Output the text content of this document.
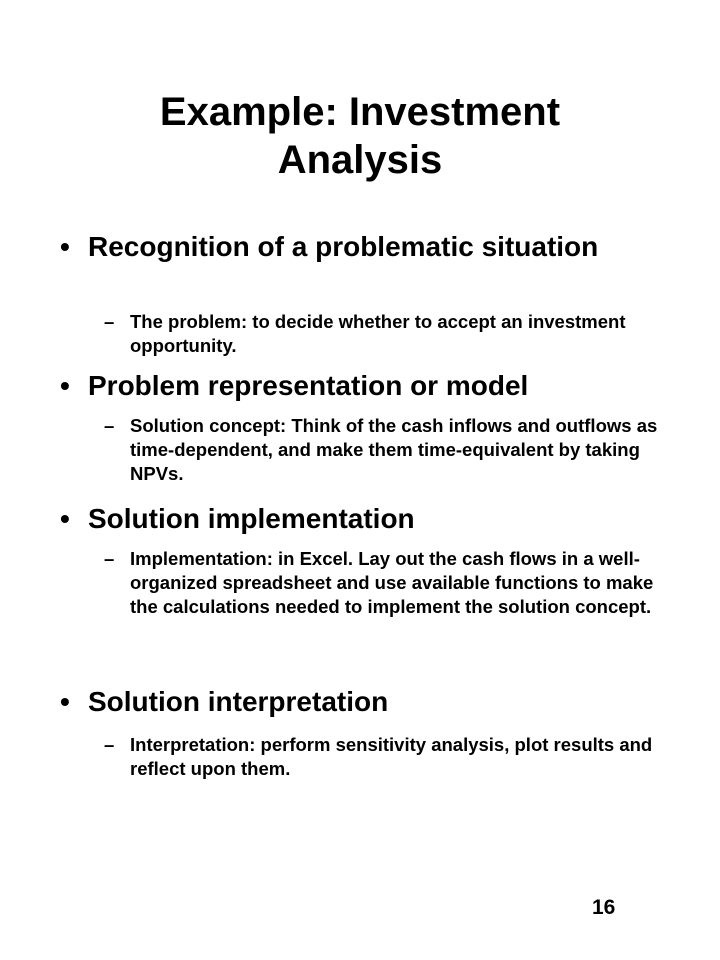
Example: Investment
Analysis
• Recognition of a problematic situation
– The problem: to decide whether to accept an investment opportunity.
• Problem representation or model
– Solution concept: Think of the cash inflows and outflows as time-dependent, and make them time-equivalent by taking NPVs.
• Solution implementation
– Implementation: in Excel. Lay out the cash flows in a well-organized spreadsheet and use available functions to make the calculations needed to implement the solution concept.
• Solution interpretation
– Interpretation: perform sensitivity analysis, plot results and reflect upon them.
16
